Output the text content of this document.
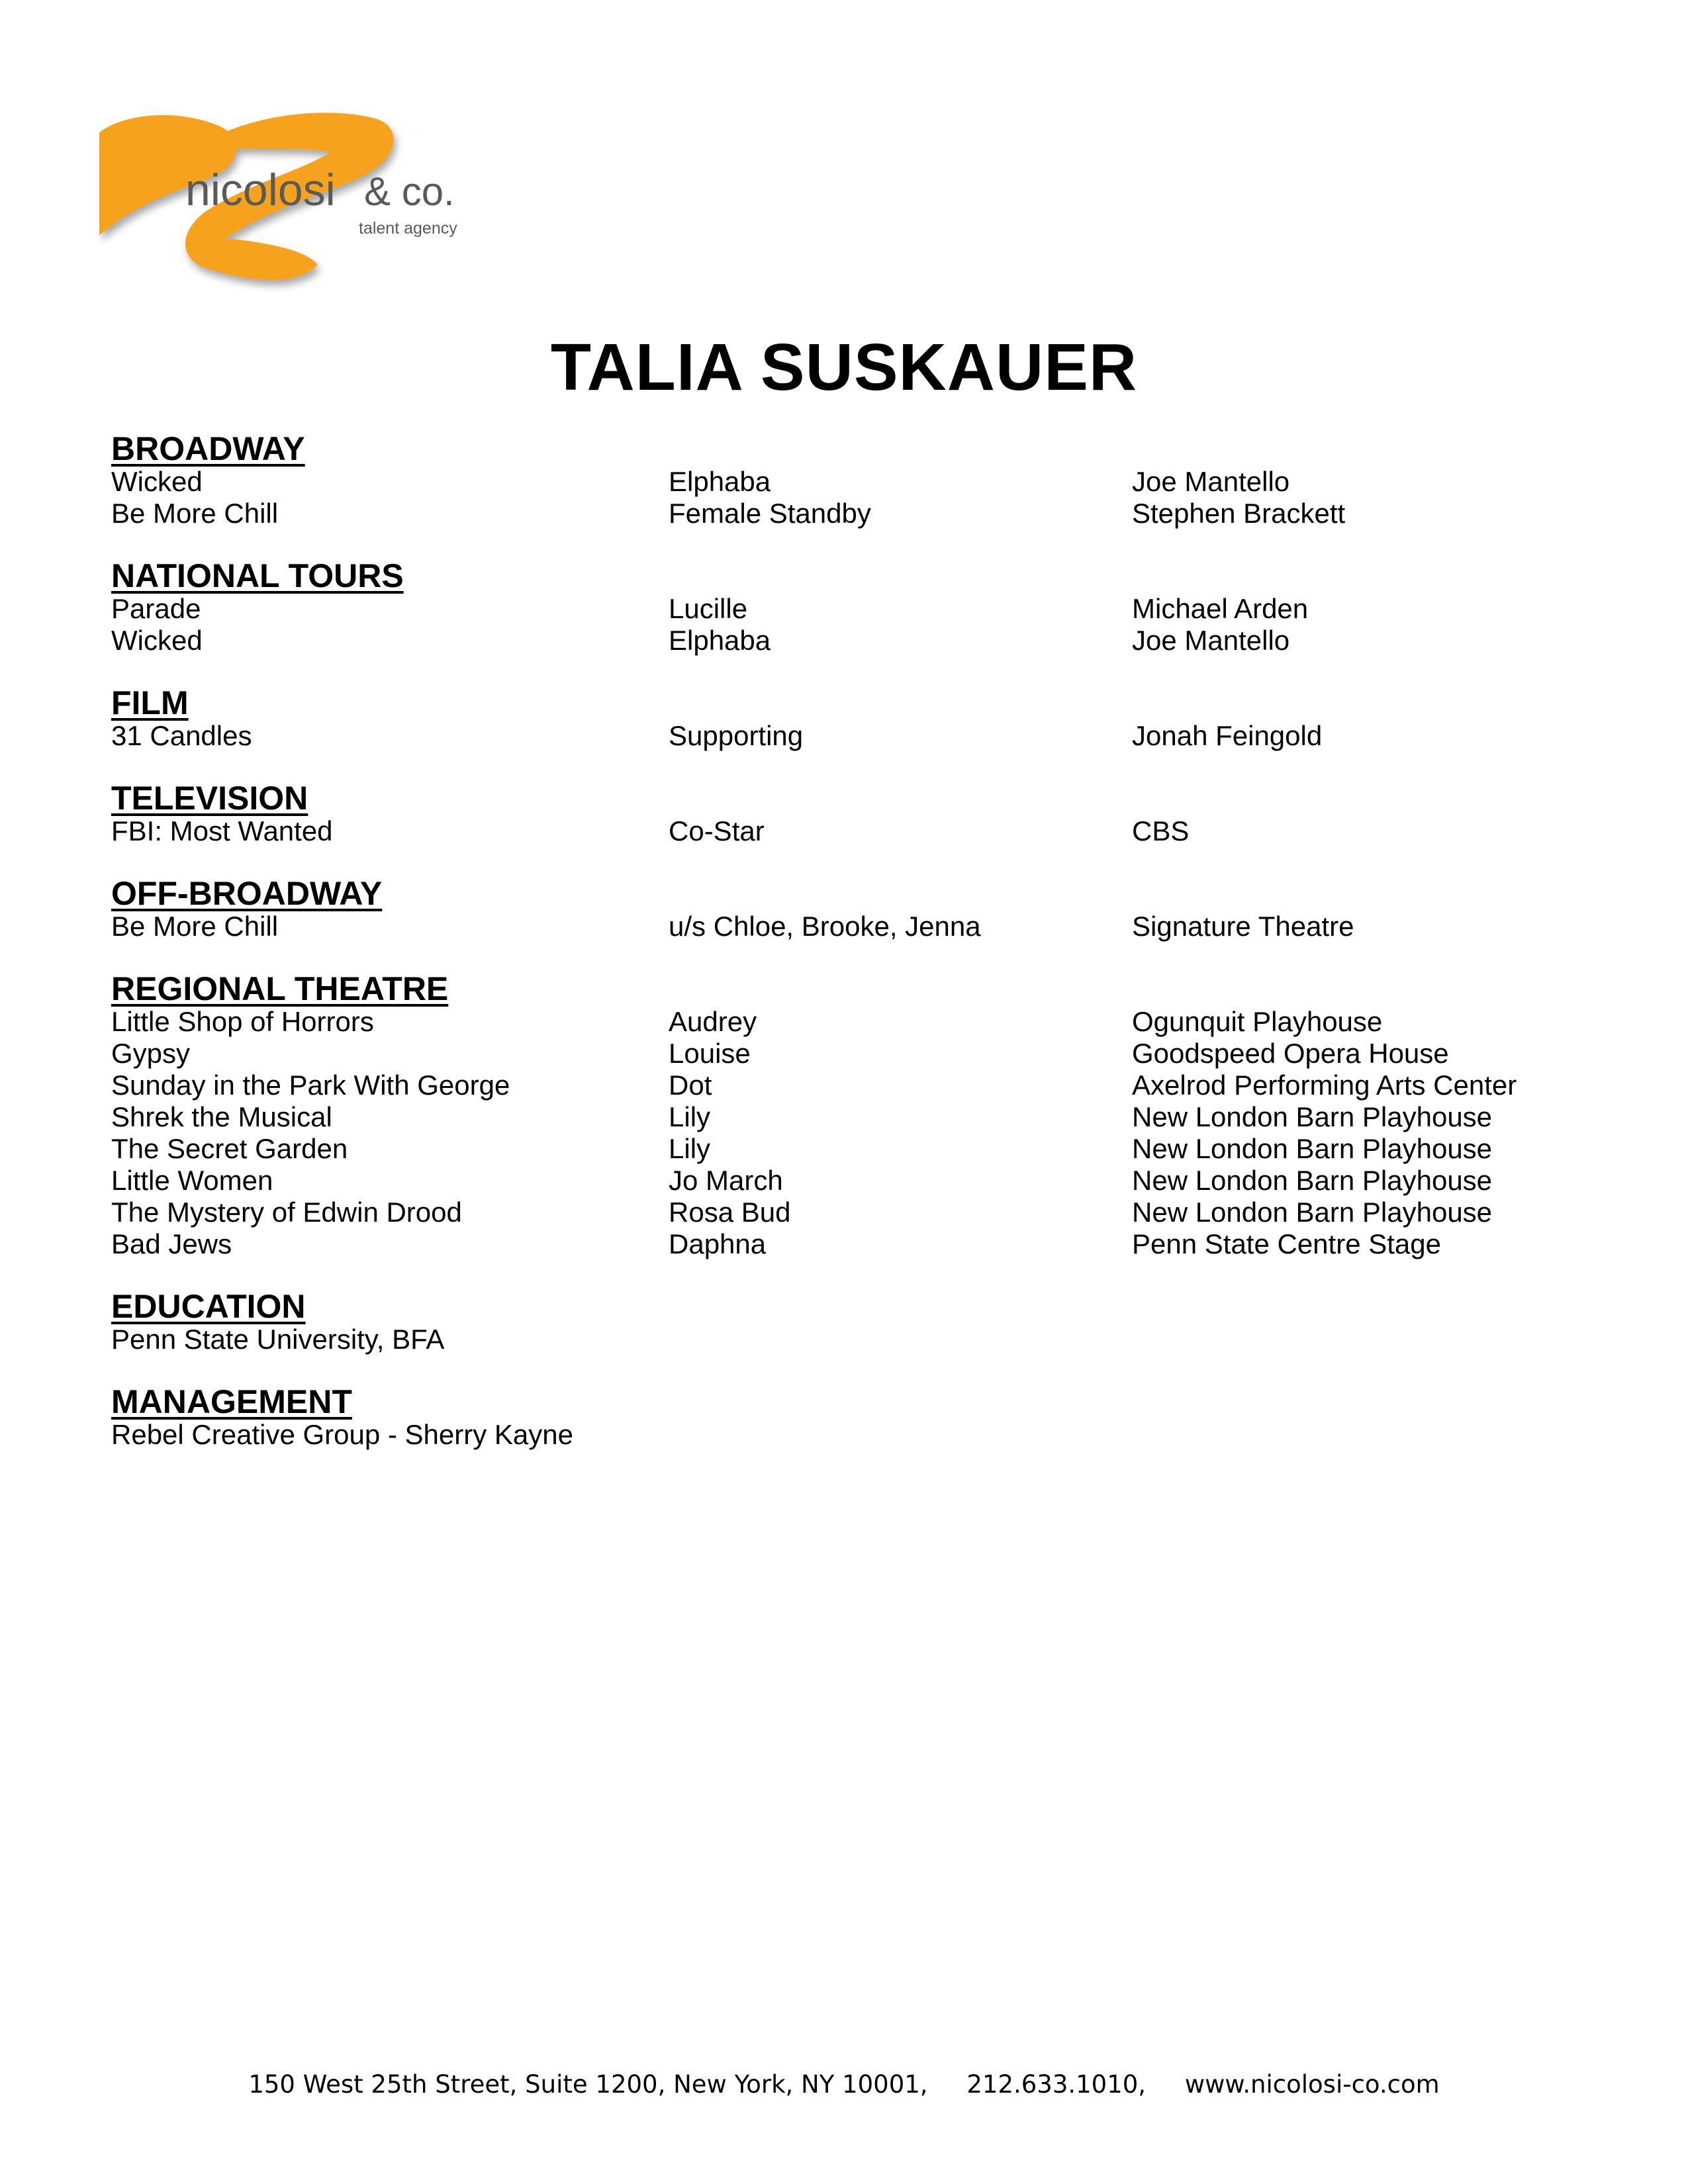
nicolosi & co.
talent agency
TALIA SUSKAUER
BROADWAY
Wicked	Elphaba	Joe Mantello
Be More Chill	Female Standby	Stephen Brackett
NATIONAL TOURS
Parade	Lucille	Michael Arden
Wicked	Elphaba	Joe Mantello
FILM
31 Candles	Supporting	Jonah Feingold
TELEVISION
FBI: Most Wanted	Co-Star	CBS
OFF-BROADWAY
Be More Chill	u/s Chloe, Brooke, Jenna	Signature Theatre
REGIONAL THEATRE
Little Shop of Horrors	Audrey	Ogunquit Playhouse
Gypsy	Louise	Goodspeed Opera House
Sunday in the Park With George	Dot	Axelrod Performing Arts Center
Shrek the Musical	Lily	New London Barn Playhouse
The Secret Garden	Lily	New London Barn Playhouse
Little Women	Jo March	New London Barn Playhouse
The Mystery of Edwin Drood	Rosa Bud	New London Barn Playhouse
Bad Jews	Daphna	Penn State Centre Stage
EDUCATION
Penn State University, BFA
MANAGEMENT
Rebel Creative Group - Sherry Kayne
150 West 25th Street, Suite 1200, New York, NY 10001, 212.633.1010, www.nicolosi-co.com
